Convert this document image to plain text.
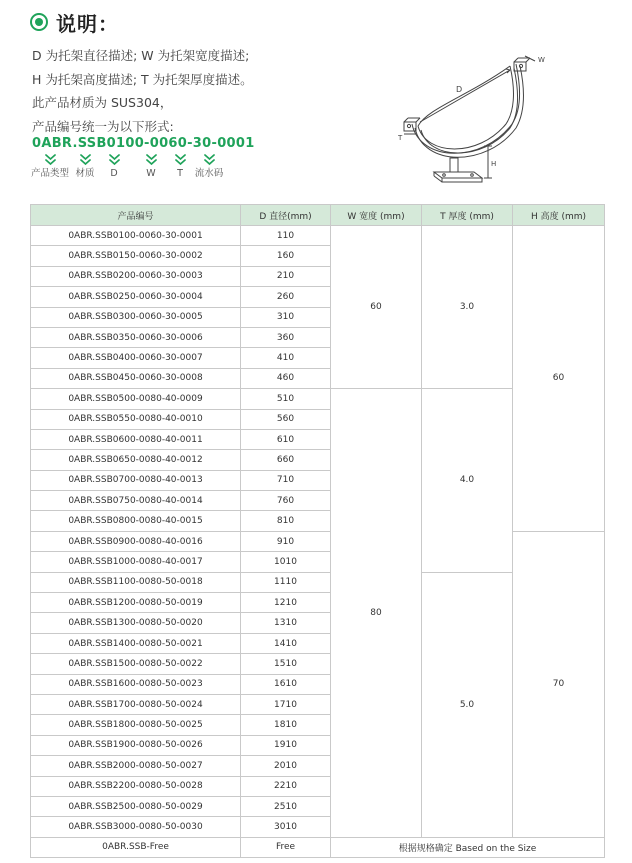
说明：
D 为托架直径描述; W 为托架宽度描述;
H 为托架高度描述; T 为托架厚度描述。
此产品材质为 SUS304，
产品编号统一为以下形式:
0ABR.SSB0100-0060-30-0001
产品类型 材质	D	W	T	流水码
D
W
T
H
产品编号	D 直径(mm)	W 宽度 (mm)	T 厚度 (mm)	H 高度 (mm)
0ABR.SSB0100-0060-30-0001	110	60	3.0	60
0ABR.SSB0150-0060-30-0002	160			
0ABR.SSB0200-0060-30-0003	210			
0ABR.SSB0250-0060-30-0004	260			
0ABR.SSB0300-0060-30-0005	310			
0ABR.SSB0350-0060-30-0006	360			
0ABR.SSB0400-0060-30-0007	410			
0ABR.SSB0450-0060-30-0008	460			
0ABR.SSB0500-0080-40-0009	510	80	4.0	
0ABR.SSB0550-0080-40-0010	560			
0ABR.SSB0600-0080-40-0011	610			
0ABR.SSB0650-0080-40-0012	660			
0ABR.SSB0700-0080-40-0013	710			
0ABR.SSB0750-0080-40-0014	760			
0ABR.SSB0800-0080-40-0015	810			
0ABR.SSB0900-0080-40-0016	910			70
0ABR.SSB1000-0080-40-0017	1010			
0ABR.SSB1100-0080-50-0018	1110		5.0	
0ABR.SSB1200-0080-50-0019	1210			
0ABR.SSB1300-0080-50-0020	1310			
0ABR.SSB1400-0080-50-0021	1410			
0ABR.SSB1500-0080-50-0022	1510			
0ABR.SSB1600-0080-50-0023	1610			
0ABR.SSB1700-0080-50-0024	1710			
0ABR.SSB1800-0080-50-0025	1810			
0ABR.SSB1900-0080-50-0026	1910			
0ABR.SSB2000-0080-50-0027	2010			
0ABR.SSB2200-0080-50-0028	2210			
0ABR.SSB2500-0080-50-0029	2510			
0ABR.SSB3000-0080-50-0030	3010			
0ABR.SSB-Free	Free	根据规格确定 Based on the Size		
